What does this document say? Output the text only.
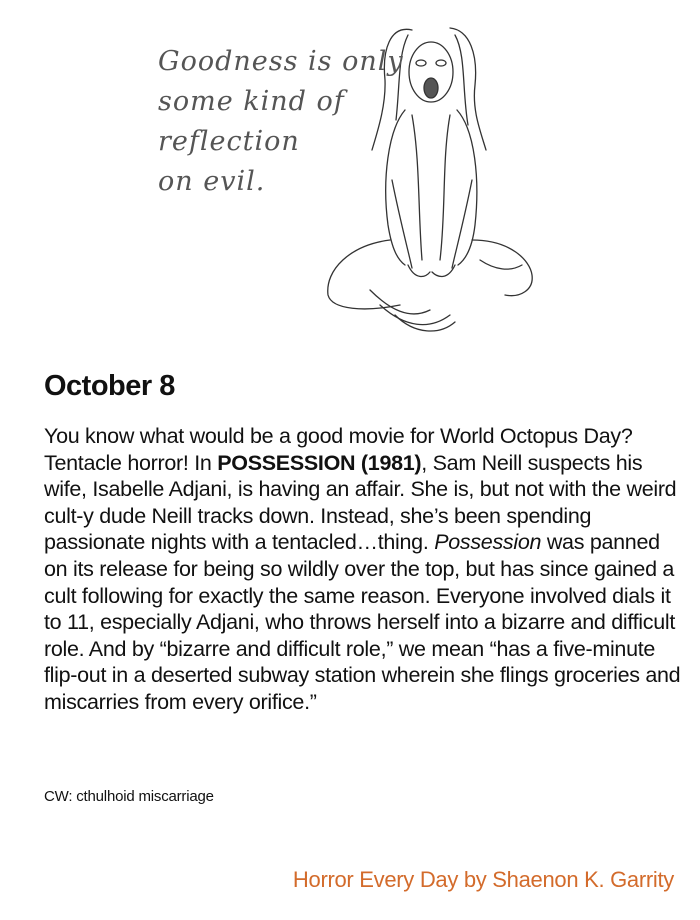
Goodness is only
some kind of
reflection
on evil.
October 8

You know what would be a good movie for World Octopus Day? Tentacle horror! In POSSESSION (1981), Sam Neill suspects his wife, Isabelle Adjani, is having an affair. She is, but not with the weird cult-y dude Neill tracks down. Instead, she’s been spending passionate nights with a tentacled…thing. Possession was panned on its release for being so wildly over the top, but has since gained a cult following for exactly the same reason. Everyone involved dials it to 11, especially Adjani, who throws herself into a bizarre and difficult role. And by “bizarre and difficult role,” we mean “has a five-minute flip-out in a deserted subway station wherein she flings groceries and miscarries from every orifice.”

CW: cthulhoid miscarriage
Horror Every Day by Shaenon K. Garrity
